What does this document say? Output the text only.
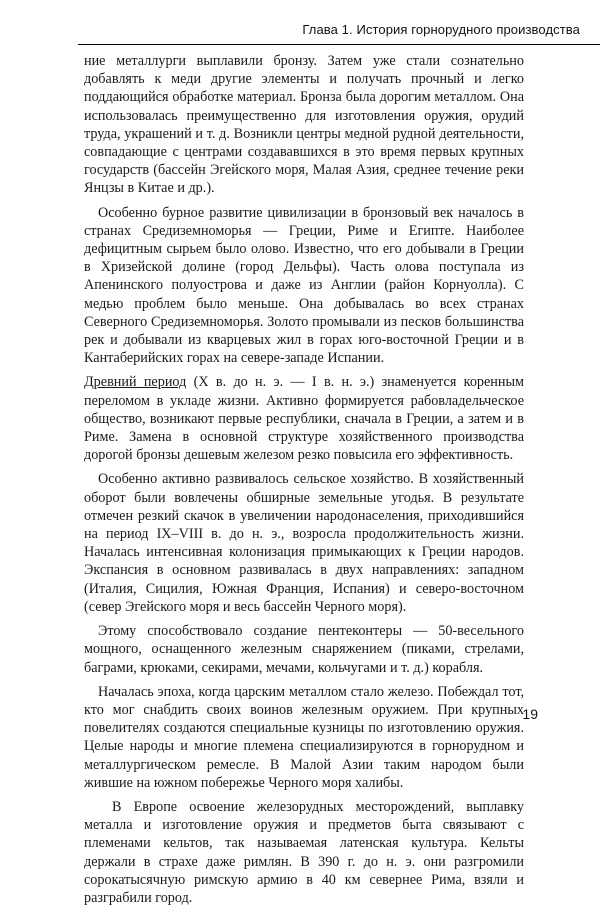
Глава 1. История горнорудного производства

ние металлурги выплавили бронзу. Затем уже стали сознательно добавлять к меди другие элементы и получать прочный и легко поддающийся обработке материал. Бронза была дорогим металлом. Она использовалась преимущественно для изготовления оружия, орудий труда, украшений и т. д. Возникли центры медной рудной деятельности, совпадающие с центрами создававшихся в это время первых крупных государств (бассейн Эгейского моря, Малая Азия, среднее течение реки Янцзы в Китае и др.).

Особенно бурное развитие цивилизации в бронзовый век началось в странах Средиземноморья — Греции, Риме и Египте. Наиболее дефицитным сырьем было олово. Известно, что его добывали в Греции в Хризейской долине (город Дельфы). Часть олова поступала из Апенинского полуострова и даже из Англии (район Корнуолла). С медью проблем было меньше. Она добывалась во всех странах Северного Средиземноморья. Золото промывали из песков большинства рек и добывали из кварцевых жил в горах юго-восточной Греции и в Кантаберийских горах на севере-западе Испании.

Древний период (X в. до н. э. — I в. н. э.) знаменуется коренным переломом в укладе жизни. Активно формируется рабовладельческое общество, возникают первые республики, сначала в Греции, а затем и в Риме. Замена в основной структуре хозяйственного производства дорогой бронзы дешевым железом резко повысила его эффективность.

Особенно активно развивалось сельское хозяйство. В хозяйственный оборот были вовлечены обширные земельные угодья. В результате отмечен резкий скачок в увеличении народонаселения, приходившийся на период IX–VIII в. до н. э., возросла продолжительность жизни. Началась интенсивная колонизация примыкающих к Греции народов. Экспансия в основном развивалась в двух направлениях: западном (Италия, Сицилия, Южная Франция, Испания) и северо-восточном (север Эгейского моря и весь бассейн Черного моря).

Этому способствовало создание пентеконтеры — 50-весельного мощного, оснащенного железным снаряжением (пиками, стрелами, баграми, крюками, секирами, мечами, кольчугами и т. д.) корабля.

Началась эпоха, когда царским металлом стало железо. Побеждал тот, кто мог снабдить своих воинов железным оружием. При крупных повелителях создаются специальные кузницы по изготовлению оружия. Целые народы и многие племена специализируются в горнорудном и металлургическом ремесле. В Малой Азии таким народом были жившие на южном побережье Черного моря халибы.

В Европе освоение железорудных месторождений, выплавку металла и изготовление оружия и предметов быта связывают с племенами кельтов, так называемая латенская культура. Кельты держали в страхе даже римлян. В 390 г. до н. э. они разгромили сорокатысячную римскую армию в 40 км севернее Рима, взяли и разграбили город.

19
